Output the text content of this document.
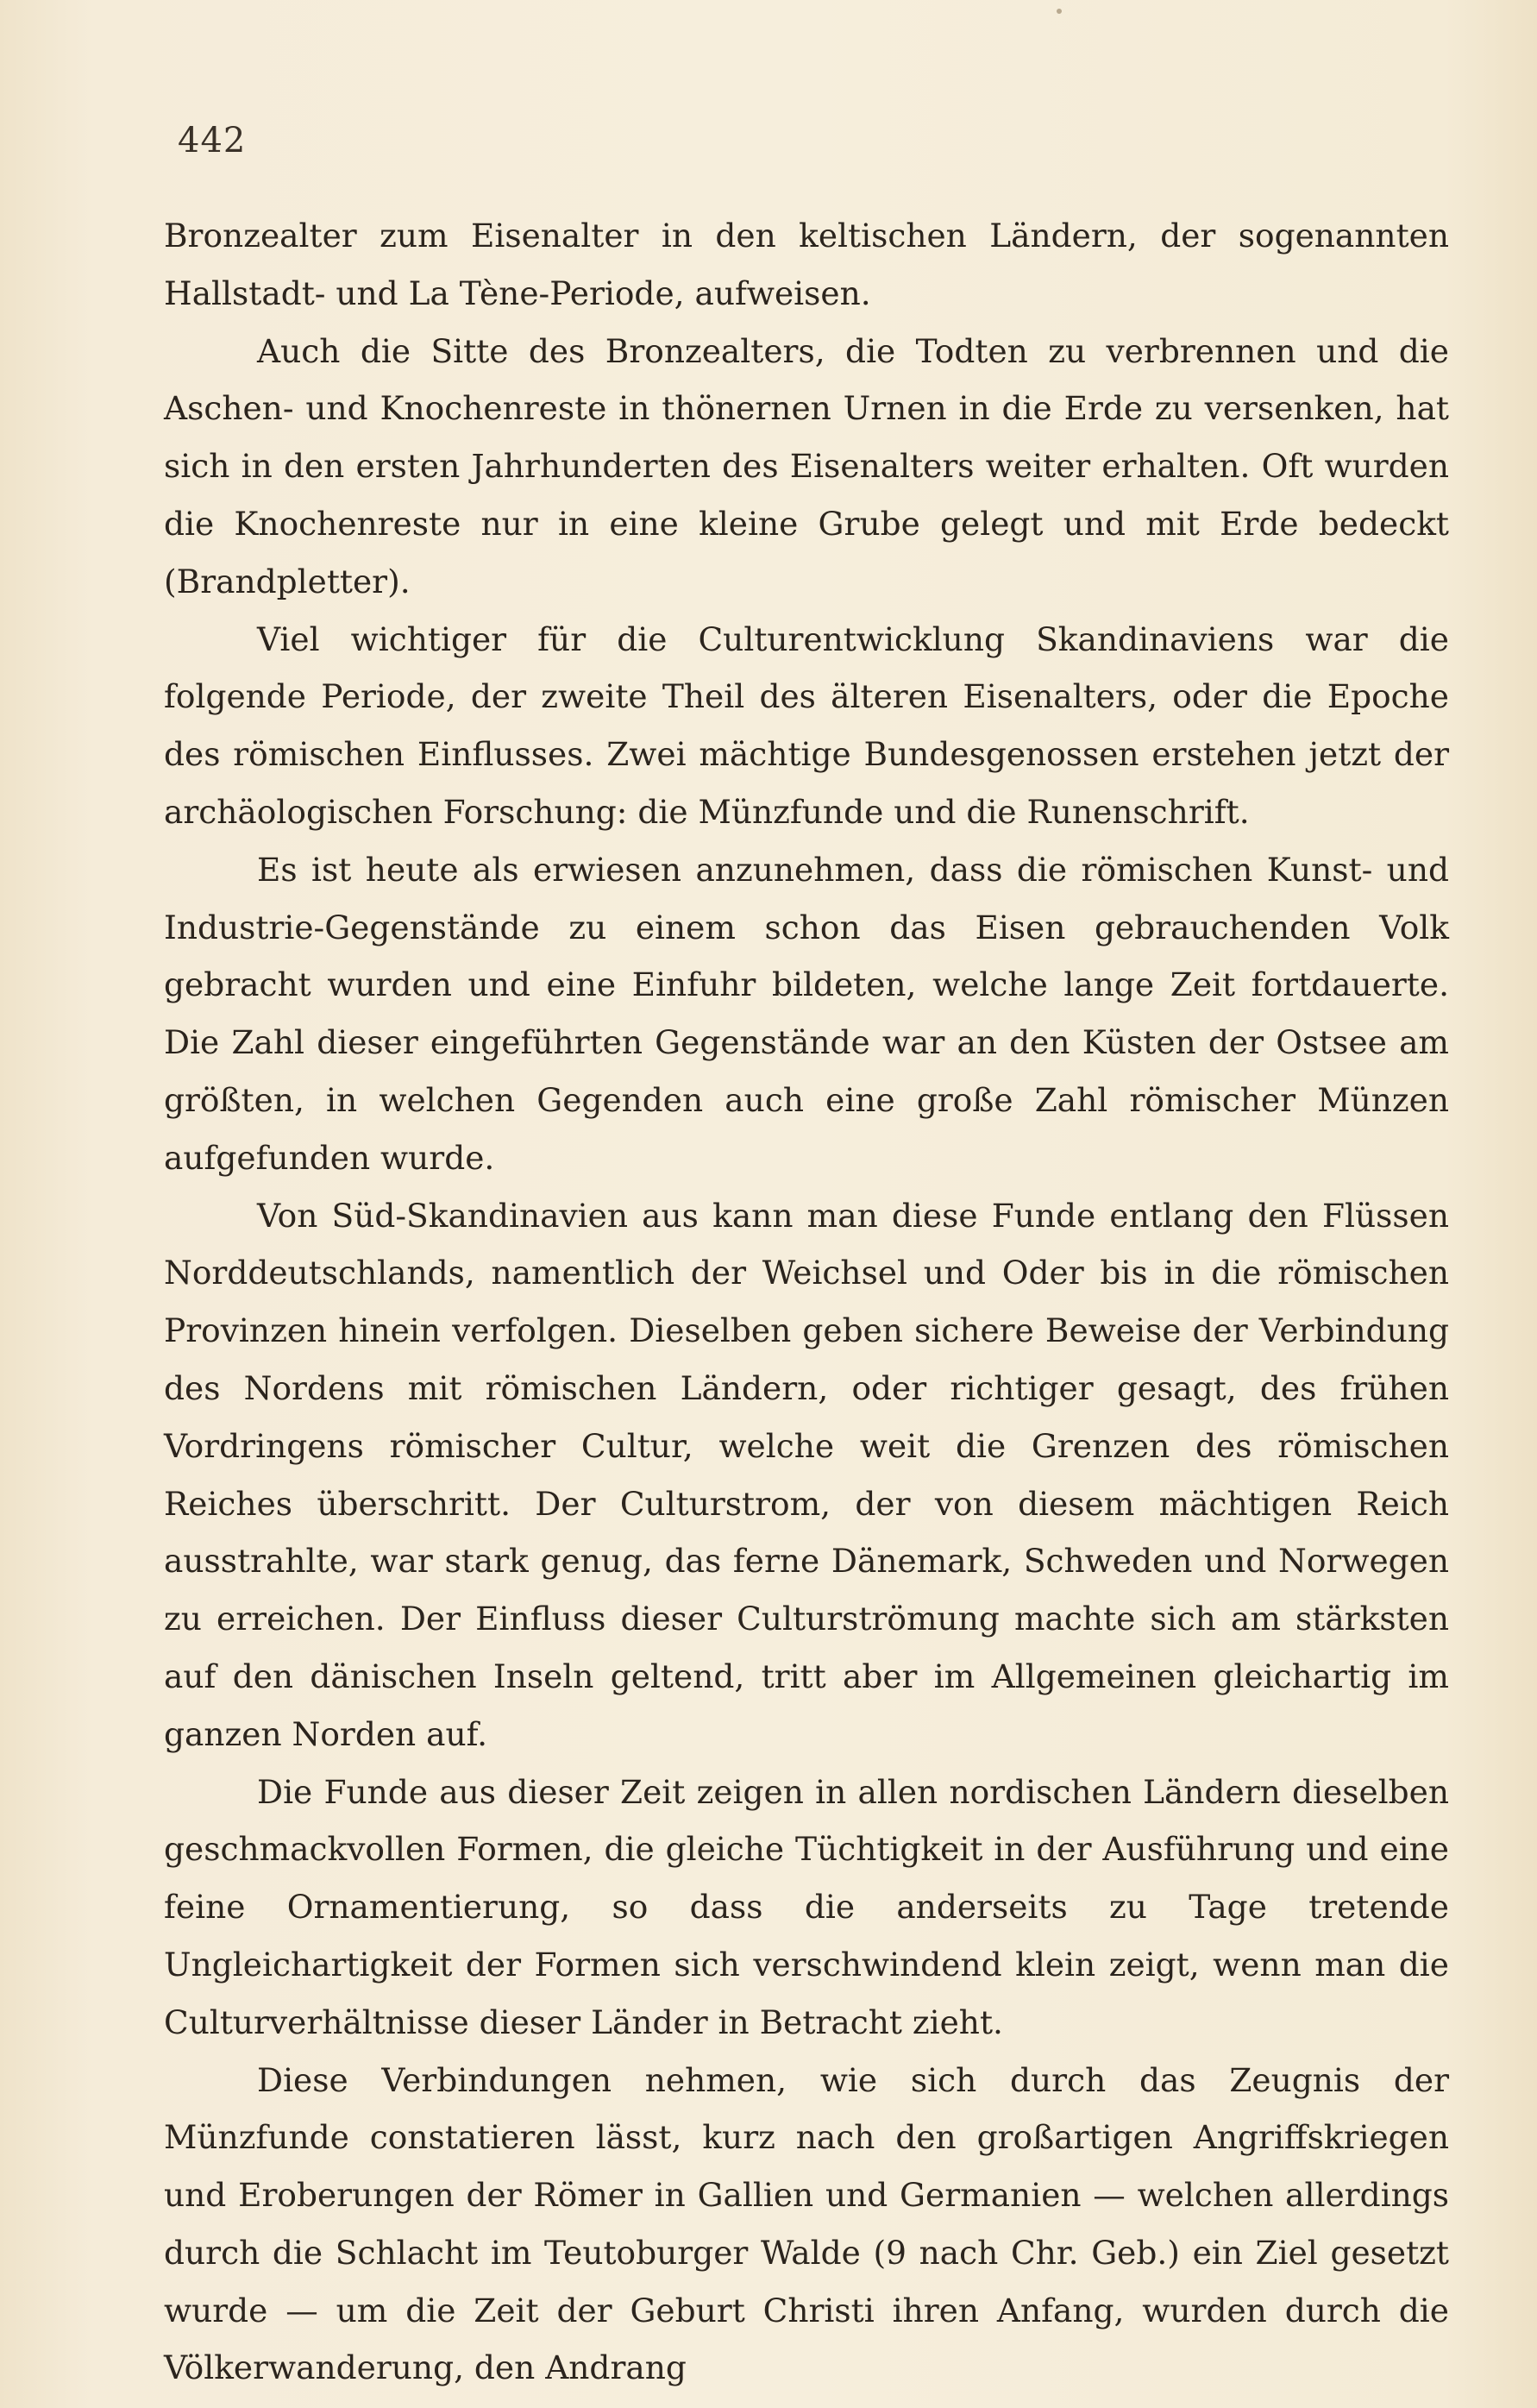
442

Bronzealter zum Eisenalter in den keltischen Ländern, der sogenannten Hallstadt- und La Tène-Periode, aufweisen.

Auch die Sitte des Bronzealters, die Todten zu verbrennen und die Aschen- und Knochenreste in thönernen Urnen in die Erde zu versenken, hat sich in den ersten Jahrhunderten des Eisenalters weiter erhalten. Oft wurden die Knochenreste nur in eine kleine Grube gelegt und mit Erde bedeckt (Brandpletter).

Viel wichtiger für die Culturentwicklung Skandinaviens war die folgende Periode, der zweite Theil des älteren Eisenalters, oder die Epoche des römischen Einflusses. Zwei mächtige Bundesgenossen erstehen jetzt der archäologischen Forschung: die Münzfunde und die Runenschrift.

Es ist heute als erwiesen anzunehmen, dass die römischen Kunst- und Industrie-Gegenstände zu einem schon das Eisen gebrauchenden Volk gebracht wurden und eine Einfuhr bildeten, welche lange Zeit fortdauerte. Die Zahl dieser eingeführten Gegenstände war an den Küsten der Ostsee am größten, in welchen Gegenden auch eine große Zahl römischer Münzen aufgefunden wurde.

Von Süd-Skandinavien aus kann man diese Funde entlang den Flüssen Norddeutschlands, namentlich der Weichsel und Oder bis in die römischen Provinzen hinein verfolgen. Dieselben geben sichere Beweise der Verbindung des Nordens mit römischen Ländern, oder richtiger gesagt, des frühen Vordringens römischer Cultur, welche weit die Grenzen des römischen Reiches überschritt. Der Culturstrom, der von diesem mächtigen Reich ausstrahlte, war stark genug, das ferne Dänemark, Schweden und Norwegen zu erreichen. Der Einfluss dieser Culturströmung machte sich am stärksten auf den dänischen Inseln geltend, tritt aber im Allgemeinen gleichartig im ganzen Norden auf.

Die Funde aus dieser Zeit zeigen in allen nordischen Ländern dieselben geschmackvollen Formen, die gleiche Tüchtigkeit in der Ausführung und eine feine Ornamentierung, so dass die anderseits zu Tage tretende Ungleichartigkeit der Formen sich verschwindend klein zeigt, wenn man die Culturverhältnisse dieser Länder in Betracht zieht.

Diese Verbindungen nehmen, wie sich durch das Zeugnis der Münzfunde constatieren lässt, kurz nach den großartigen Angriffskriegen und Eroberungen der Römer in Gallien und Germanien — welchen allerdings durch die Schlacht im Teutoburger Walde (9 nach Chr. Geb.) ein Ziel gesetzt wurde — um die Zeit der Geburt Christi ihren Anfang, wurden durch die Völkerwanderung, den Andrang
